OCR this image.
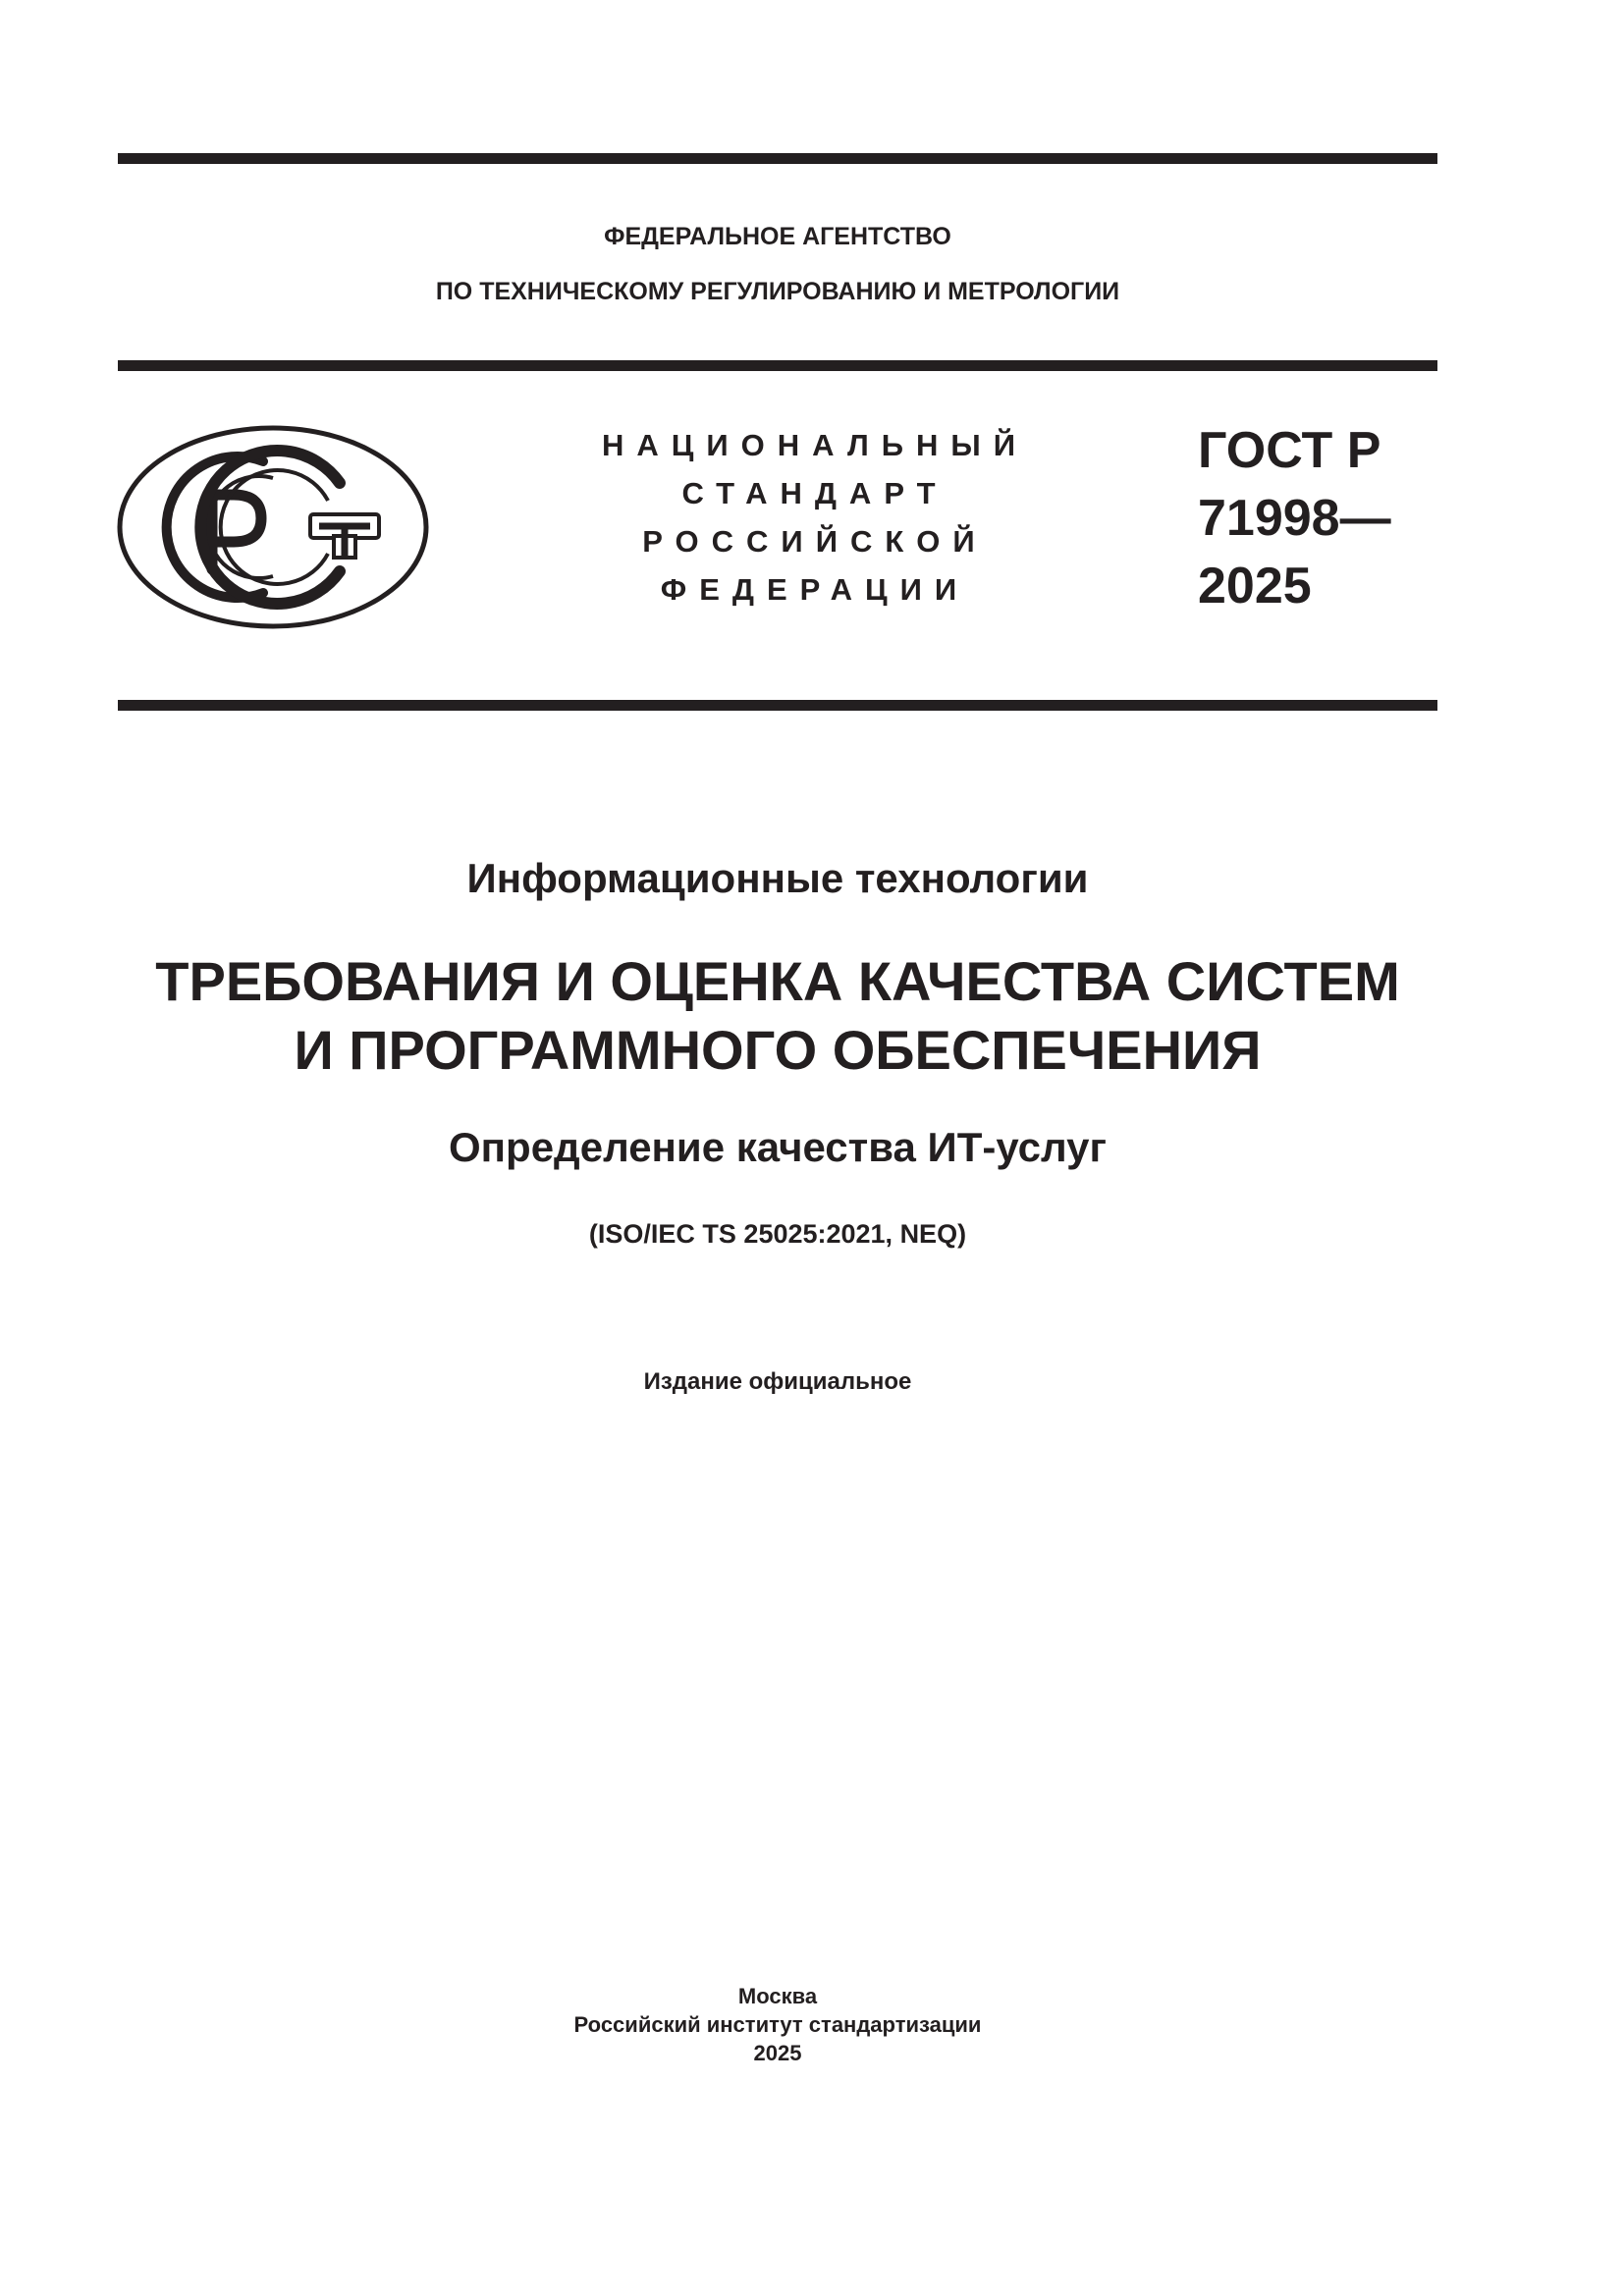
ФЕДЕРАЛЬНОЕ АГЕНТСТВО
ПО ТЕХНИЧЕСКОМУ РЕГУЛИРОВАНИЮ И МЕТРОЛОГИИ
НАЦИОНАЛЬНЫЙ
СТАНДАРТ
РОССИЙСКОЙ
ФЕДЕРАЦИИ
ГОСТ Р
71998—
2025
Информационные технологии
ТРЕБОВАНИЯ И ОЦЕНКА КАЧЕСТВА СИСТЕМ
И ПРОГРАММНОГО ОБЕСПЕЧЕНИЯ
Определение качества ИТ-услуг
(ISO/IEC TS 25025:2021, NEQ)
Издание официальное
Москва
Российский институт стандартизации
2025
